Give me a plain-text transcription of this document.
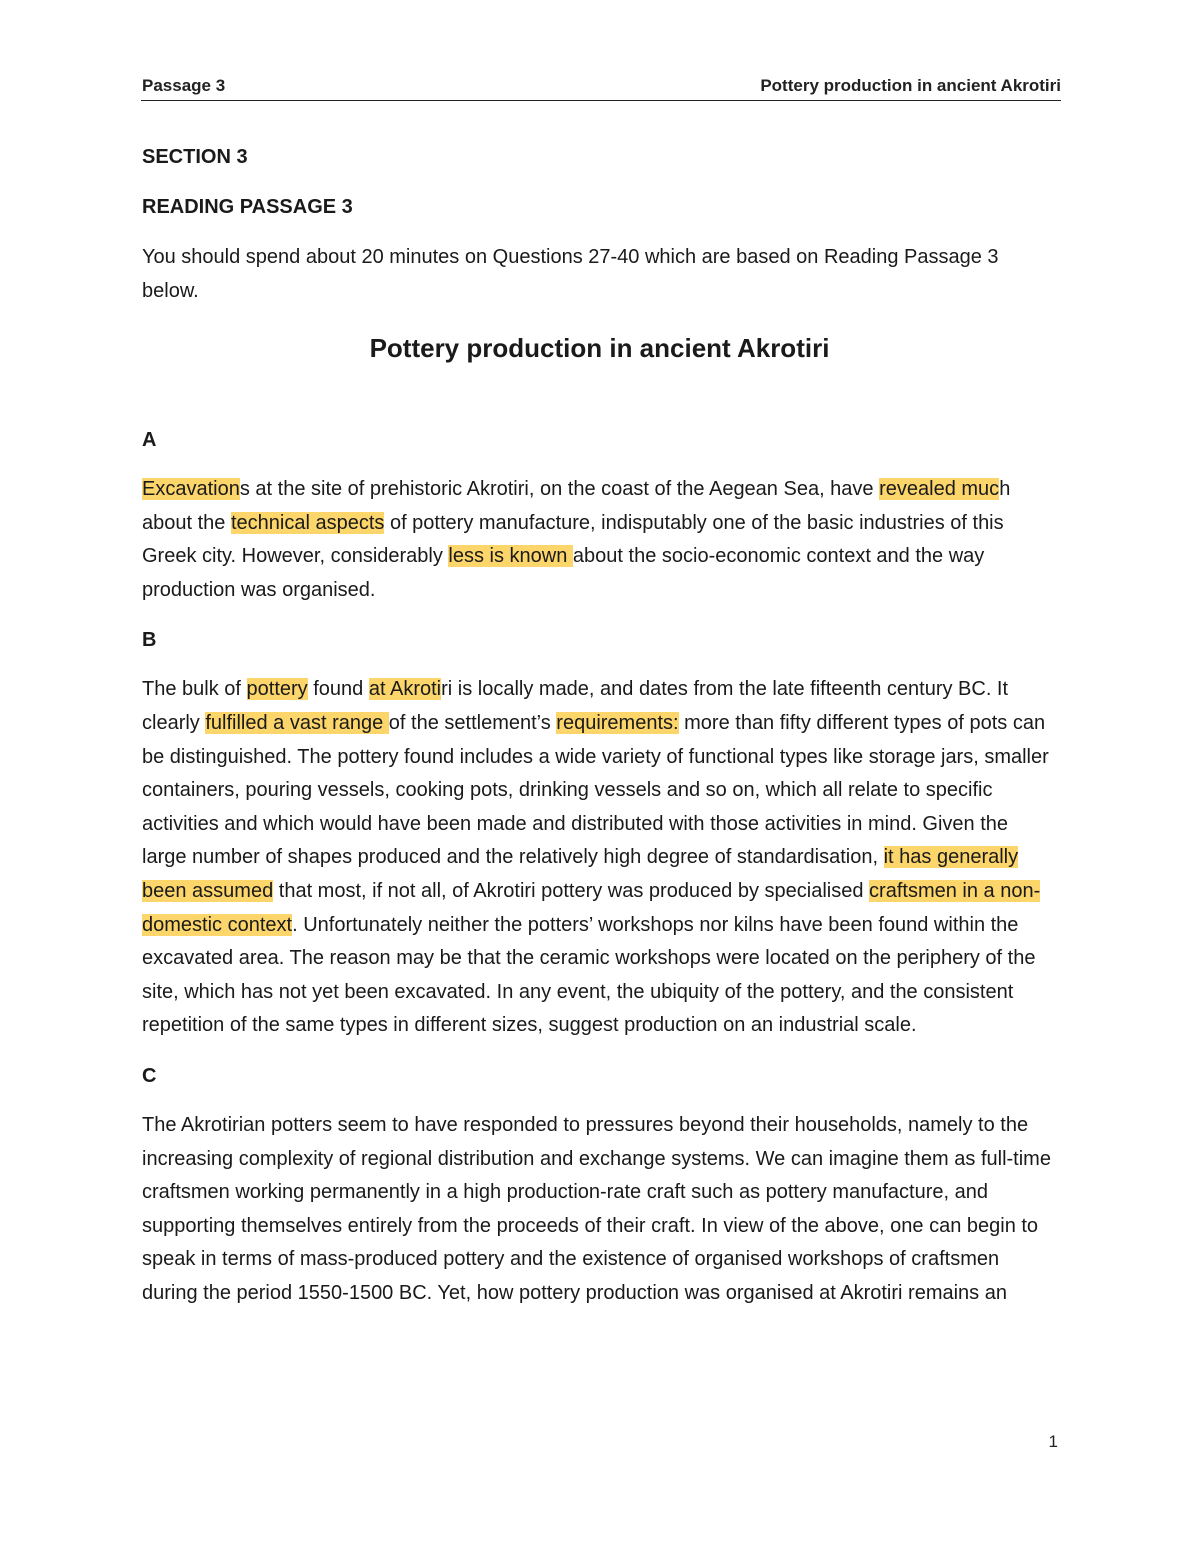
Passage 3	Pottery production in ancient Akrotiri

SECTION 3

READING PASSAGE 3

You should spend about 20 minutes on Questions 27-40 which are based on Reading Passage 3 below.

Pottery production in ancient Akrotiri

A

Excavations at the site of prehistoric Akrotiri, on the coast of the Aegean Sea, have revealed much about the technical aspects of pottery manufacture, indisputably one of the basic industries of this Greek city. However, considerably less is known about the socio-economic context and the way production was organised.

B

The bulk of pottery found at Akrotiri is locally made, and dates from the late fifteenth century BC. It clearly fulfilled a vast range of the settlement’s requirements: more than fifty different types of pots can be distinguished. The pottery found includes a wide variety of functional types like storage jars, smaller containers, pouring vessels, cooking pots, drinking vessels and so on, which all relate to specific activities and which would have been made and distributed with those activities in mind. Given the large number of shapes produced and the relatively high degree of standardisation, it has generally been assumed that most, if not all, of Akrotiri pottery was produced by specialised craftsmen in a non-domestic context. Unfortunately neither the potters’ workshops nor kilns have been found within the excavated area. The reason may be that the ceramic workshops were located on the periphery of the site, which has not yet been excavated. In any event, the ubiquity of the pottery, and the consistent repetition of the same types in different sizes, suggest production on an industrial scale.

C

The Akrotirian potters seem to have responded to pressures beyond their households, namely to the increasing complexity of regional distribution and exchange systems. We can imagine them as full-time craftsmen working permanently in a high production-rate craft such as pottery manufacture, and supporting themselves entirely from the proceeds of their craft. In view of the above, one can begin to speak in terms of mass-produced pottery and the existence of organised workshops of craftsmen during the period 1550-1500 BC. Yet, how pottery production was organised at Akrotiri remains an

1
